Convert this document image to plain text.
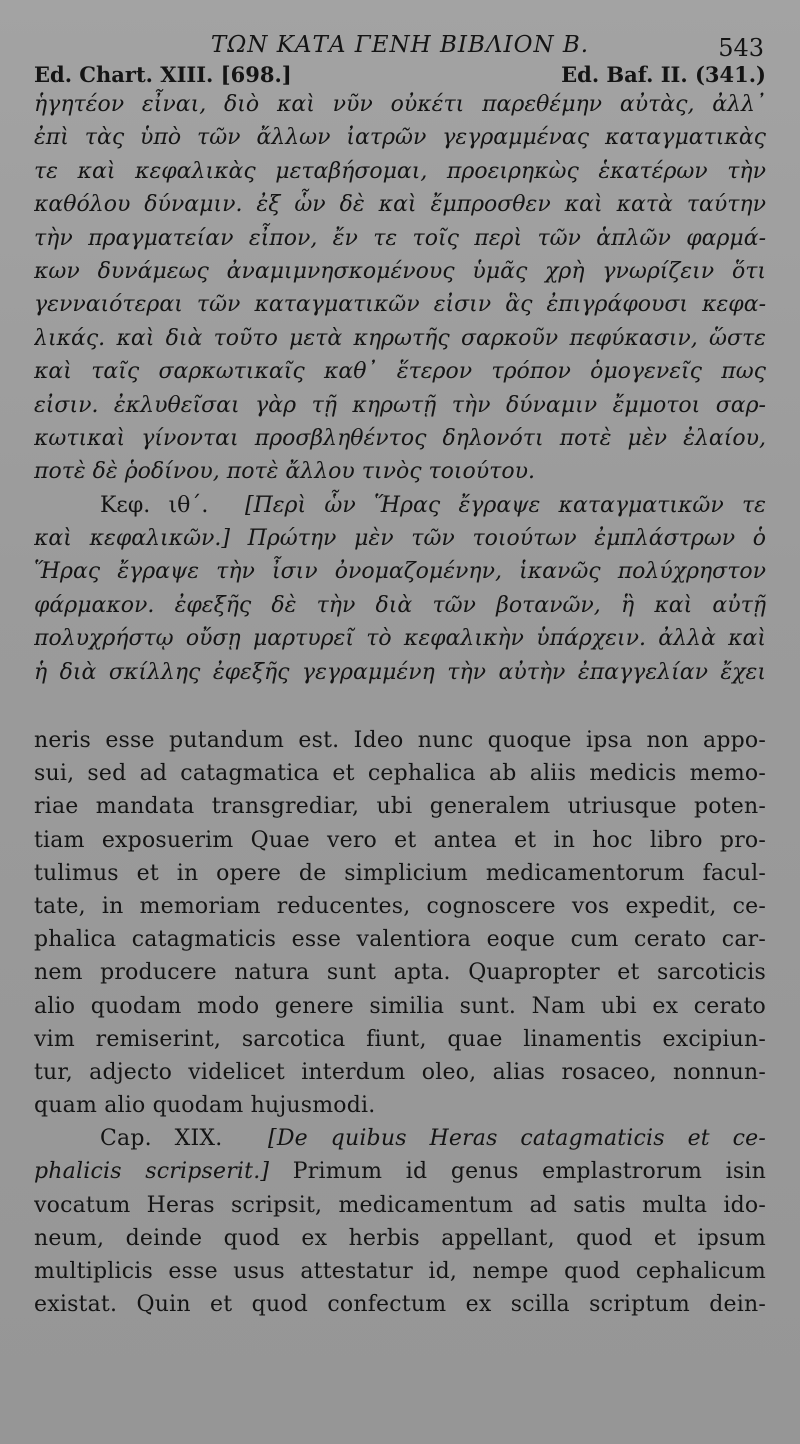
ΤΩΝ ΚΑΤΑ ΓΕΝΗ ΒΙΒΛΙΟΝ Β.	543
Ed. Chart. XIII. [698.]	Ed. Baf. II. (341.)
ἡγητέον εἶναι, διὸ καὶ νῦν οὐκέτι παρεθέμην αὐτὰς, ἀλλ᾽
ἐπὶ τὰς ὑπὸ τῶν ἄλλων ἰατρῶν γεγραμμένας καταγματικὰς
τε καὶ κεφαλικὰς μεταβήσομαι, προειρηκὼς ἑκατέρων τὴν
καθόλου δύναμιν. ἐξ ὧν δὲ καὶ ἔμπροσθεν καὶ κατὰ ταύτην
τὴν πραγματείαν εἶπον, ἔν τε τοῖς περὶ τῶν ἁπλῶν φαρμά-
κων δυνάμεως ἀναμιμνησκομένους ὑμᾶς χρὴ γνωρίζειν ὅτι
γενναιότεραι τῶν καταγματικῶν εἰσιν ἃς ἐπιγράφουσι κεφα-
λικάς. καὶ διὰ τοῦτο μετὰ κηρωτῆς σαρκοῦν πεφύκασιν, ὥστε
καὶ ταῖς σαρκωτικαῖς καθ᾽ ἕτερον τρόπον ὁμογενεῖς πως
εἰσιν. ἐκλυθεῖσαι γὰρ τῇ κηρωτῇ τὴν δύναμιν ἔμμοτοι σαρ-
κωτικαὶ γίνονται προσβληθέντος δηλονότι ποτὲ μὲν ἐλαίου,
ποτὲ δὲ ῥοδίνου, ποτὲ ἄλλου τινὸς τοιούτου.
Κεφ. ιθ΄. [Περὶ ὧν Ἥρας ἔγραψε καταγματικῶν τε
καὶ κεφαλικῶν.] Πρώτην μὲν τῶν τοιούτων ἐμπλάστρων ὁ
Ἥρας ἔγραψε τὴν ἶσιν ὀνομαζομένην, ἱκανῶς πολύχρηστον
φάρμακον. ἐφεξῆς δὲ τὴν διὰ τῶν βοτανῶν, ἣ καὶ αὐτῇ
πολυχρήστῳ οὔσῃ μαρτυρεῖ τὸ κεφαλικὴν ὑπάρχειν. ἀλλὰ καὶ
ἡ διὰ σκίλλης ἐφεξῆς γεγραμμένη τὴν αὐτὴν ἐπαγγελίαν ἔχει
neris esse putandum est. Ideo nunc quoque ipsa non appo-
sui, sed ad catagmatica et cephalica ab aliis medicis memo-
riae mandata transgrediar, ubi generalem utriusque poten-
tiam exposuerim Quae vero et antea et in hoc libro pro-
tulimus et in opere de simplicium medicamentorum facul-
tate, in memoriam reducentes, cognoscere vos expedit, ce-
phalica catagmaticis esse valentiora eoque cum cerato car-
nem producere natura sunt apta. Quapropter et sarcoticis
alio quodam modo genere similia sunt. Nam ubi ex cerato
vim remiserint, sarcotica fiunt, quae linamentis excipiun-
tur, adjecto videlicet interdum oleo, alias rosaceo, nonnun-
quam alio quodam hujusmodi.
Cap. XIX. [De quibus Heras catagmaticis et ce-
phalicis scripserit.] Primum id genus emplastrorum isin
vocatum Heras scripsit, medicamentum ad satis multa ido-
neum, deinde quod ex herbis appellant, quod et ipsum
multiplicis esse usus attestatur id, nempe quod cephalicum
existat. Quin et quod confectum ex scilla scriptum dein-
